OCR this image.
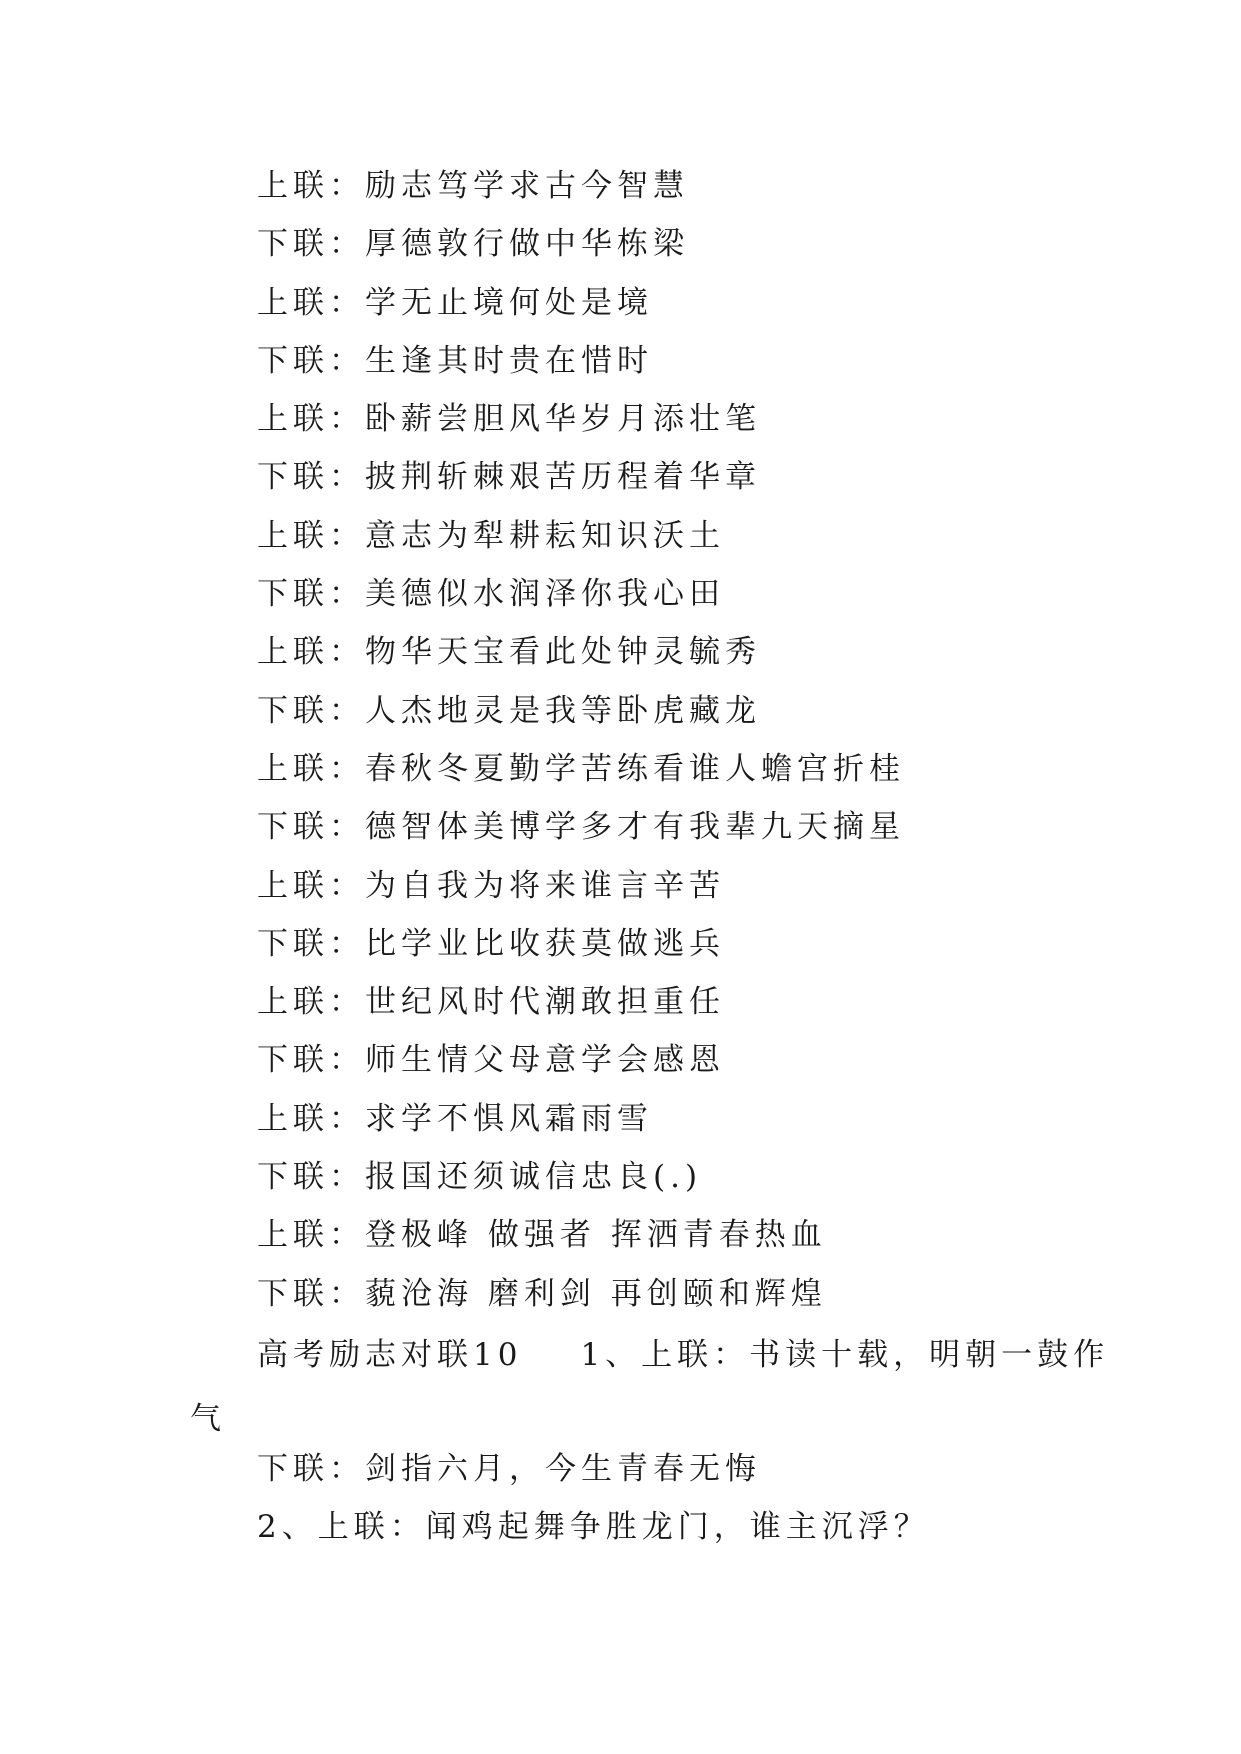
上联：励志笃学求古今智慧
下联：厚德敦行做中华栋梁
上联：学无止境何处是境
下联：生逢其时贵在惜时
上联：卧薪尝胆风华岁月添壮笔
下联：披荆斩棘艰苦历程着华章
上联：意志为犁耕耘知识沃土
下联：美德似水润泽你我心田
上联：物华天宝看此处钟灵毓秀
下联：人杰地灵是我等卧虎藏龙
上联：春秋冬夏勤学苦练看谁人蟾宫折桂
下联：德智体美博学多才有我辈九天摘星
上联：为自我为将来谁言辛苦
下联：比学业比收获莫做逃兵
上联：世纪风时代潮敢担重任
下联：师生情父母意学会感恩
上联：求学不惧风霜雨雪
下联：报国还须诚信忠良(.)
上联：登极峰 做强者 挥洒青春热血
下联：藐沧海 磨利剑 再创颐和辉煌
高考励志对联10 1、上联：书读十载，明朝一鼓作
气
下联：剑指六月，今生青春无悔
2、上联：闻鸡起舞争胜龙门，谁主沉浮？
